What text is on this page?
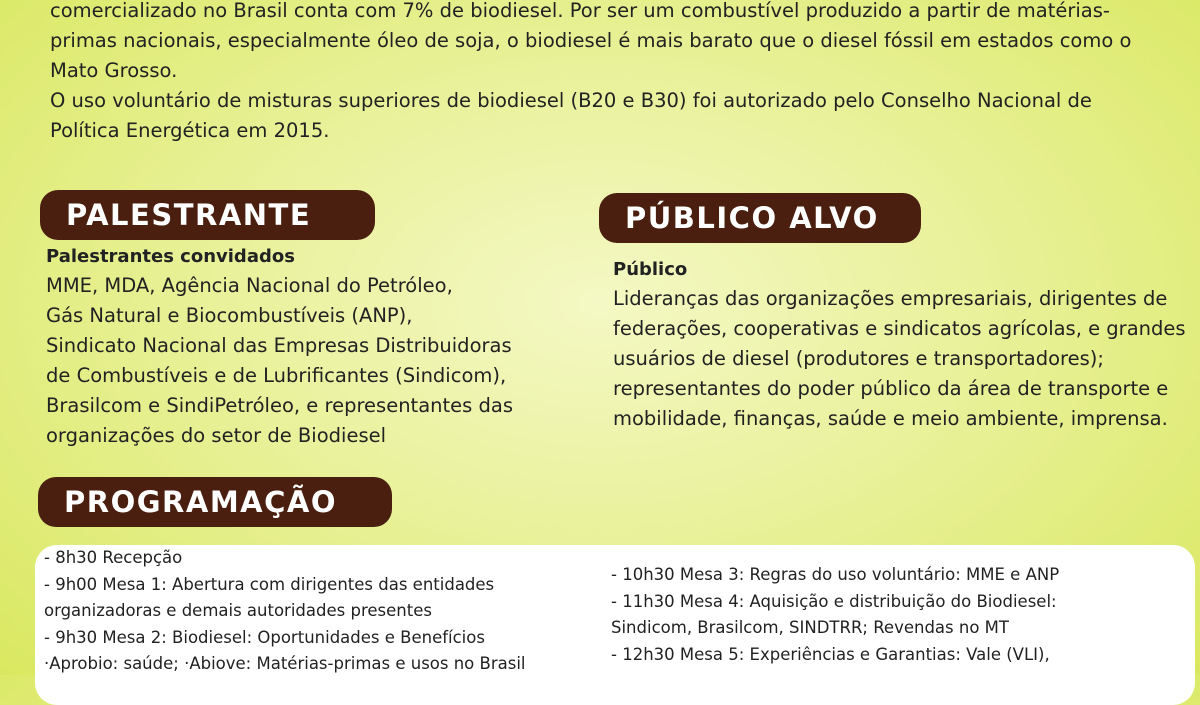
comercializado no Brasil conta com 7% de biodiesel. Por ser um combustível produzido a partir de matérias-

primas nacionais, especialmente óleo de soja, o biodiesel é mais barato que o diesel fóssil em estados como o

Mato Grosso.

O uso voluntário de misturas superiores de biodiesel (B20 e B30) foi autorizado pelo Conselho Nacional de

Política Energética em 2015.

PALESTRANTE
Palestrantes convidados
MME, MDA, Agência Nacional do Petróleo,
Gás Natural e Biocombustíveis (ANP),
Sindicato Nacional das Empresas Distribuidoras
de Combustíveis e de Lubrificantes (Sindicom),
Brasilcom e SindiPetróleo, e representantes das
organizações do setor de Biodiesel
PÚBLICO ALVO
Público
Lideranças das organizações empresariais, dirigentes de
federações, cooperativas e sindicatos agrícolas, e grandes
usuários de diesel (produtores e transportadores);
representantes do poder público da área de transporte e
mobilidade, finanças, saúde e meio ambiente, imprensa.
PROGRAMAÇÃO
- 8h30 Recepção
- 9h00 Mesa 1: Abertura com dirigentes das entidades
organizadoras e demais autoridades presentes
- 9h30 Mesa 2: Biodiesel: Oportunidades e Benefícios
·Aprobio: saúde; ·Abiove: Matérias-primas e usos no Brasil
- 10h30 Mesa 3: Regras do uso voluntário: MME e ANP
- 11h30 Mesa 4: Aquisição e distribuição do Biodiesel:
Sindicom, Brasilcom, SINDTRR; Revendas no MT
- 12h30 Mesa 5: Experiências e Garantias: Vale (VLI),
